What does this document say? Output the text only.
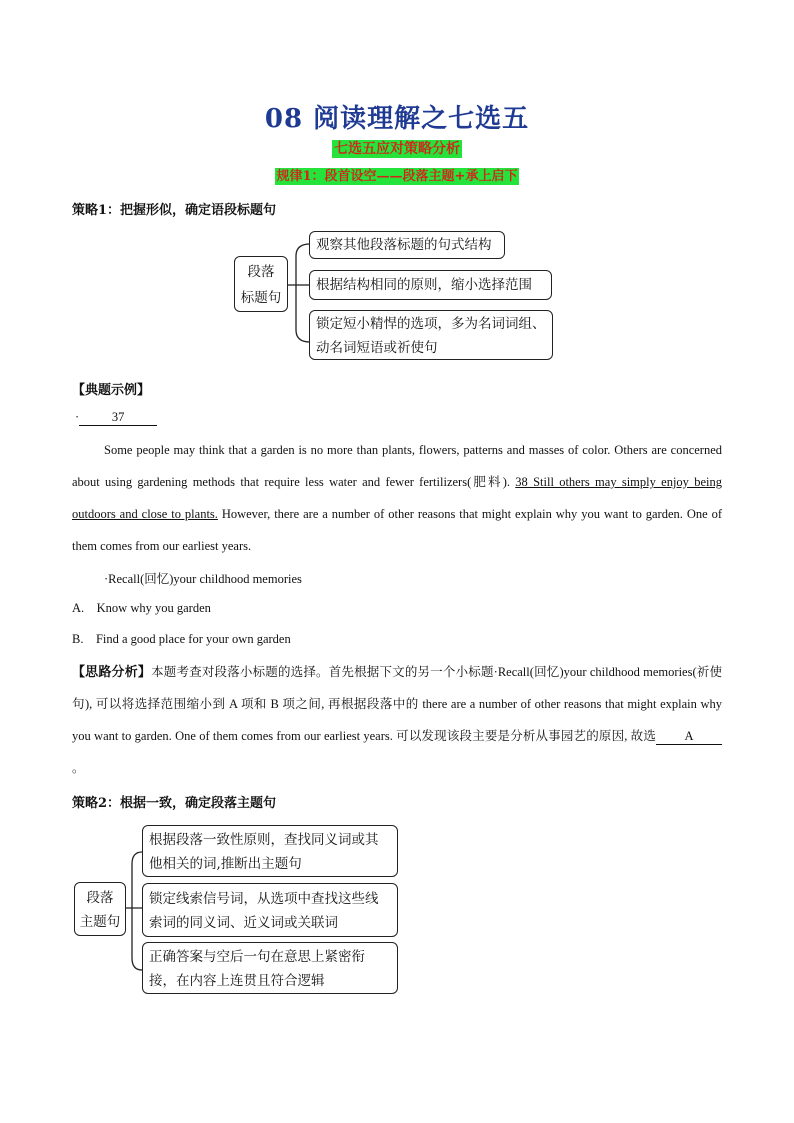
08 阅读理解之七选五
七选五应对策略分析
规律1：段首设空——段落主题+承上启下
策略1：把握形似，确定语段标题句
段落
标题句
观察其他段落标题的句式结构
根据结构相同的原则，缩小选择范围
锁定短小精悍的选项，多为名词词组、
动名词短语或祈使句
【典题示例】
·	37
Some people may think that a garden is no more than plants, flowers, patterns and masses of color. Others are concerned about using gardening methods that require less water and fewer fertilizers(肥料). 38 Still others may simply enjoy being outdoors and close to plants. However, there are a number of other reasons that might explain why you want to garden. One of them comes from our earliest years.
·Recall(回忆)your childhood memories
A.    Know why you garden
B.    Find a good place for your own garden
【思路分析】本题考查对段落小标题的选择。首先根据下文的另一个小标题·Recall(回忆)your childhood memories(祈使句), 可以将选择范围缩小到 A 项和 B 项之间, 再根据段落中的 there are a number of other reasons that might explain why you want to garden. One of them comes from our earliest years. 可以发现该段主要是分析从事园艺的原因, 故选 A。
策略2：根据一致，确定段落主题句
段落
主题句
根据段落一致性原则，查找同义词或其
他相关的词,推断出主题句
锁定线索信号词，从选项中查找这些线
索词的同义词、近义词或关联词
正确答案与空后一句在意思上紧密衔
接，在内容上连贯且符合逻辑
